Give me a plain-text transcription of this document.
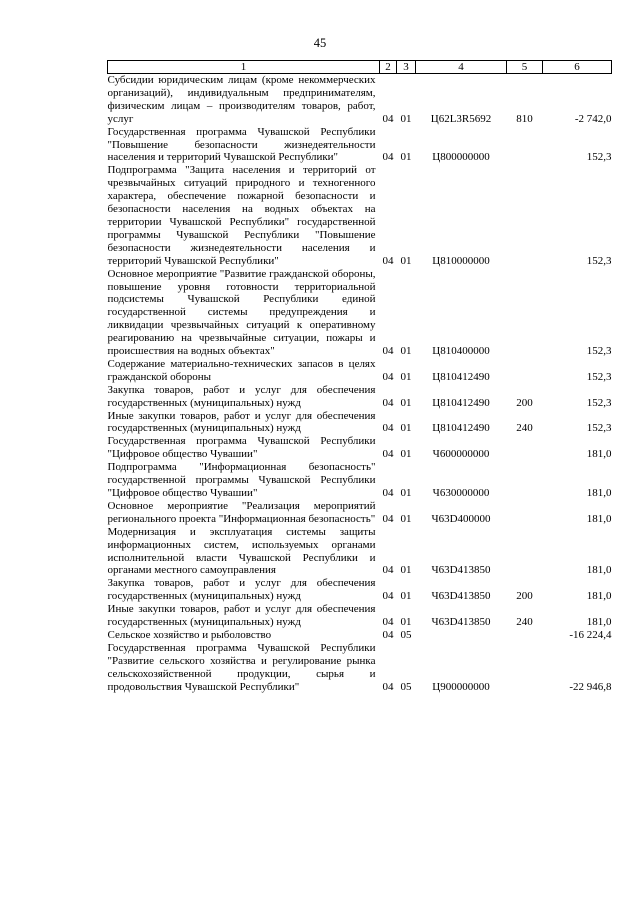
45
1	2	3	4	5	6
Субсидии юридическим лицам (кроме некоммерческих организаций), индивидуальным предпринимателям, физическим лицам – производителям товаров, работ, услуг	04	01	Ц62L3R5692	810	-2 742,0
Государственная программа Чувашской Республики "Повышение безопасности жизнедеятельности населения и территорий Чувашской Республики"	04	01	Ц800000000		152,3
Подпрограмма "Защита населения и территорий от чрезвычайных ситуаций природного и техногенного характера, обеспечение пожарной безопасности и безопасности населения на водных объектах на территории Чувашской Республики" государственной программы Чувашской Республики "Повышение безопасности жизнедеятельности населения и территорий Чувашской Республики"	04	01	Ц810000000		152,3
Основное мероприятие "Развитие гражданской обороны, повышение уровня готовности территориальной подсистемы Чувашской Республики единой государственной системы предупреждения и ликвидации чрезвычайных ситуаций к оперативному реагированию на чрезвычайные ситуации, пожары и происшествия на водных объектах"	04	01	Ц810400000		152,3
Содержание материально-технических запасов в целях гражданской обороны	04	01	Ц810412490		152,3
Закупка товаров, работ и услуг для обеспечения государственных (муниципальных) нужд	04	01	Ц810412490	200	152,3
Иные закупки товаров, работ и услуг для обеспечения государственных (муниципальных) нужд	04	01	Ц810412490	240	152,3
Государственная программа Чувашской Республики "Цифровое общество Чувашии"	04	01	Ч600000000		181,0
Подпрограмма "Информационная безопасность" государственной программы Чувашской Республики "Цифровое общество Чувашии"	04	01	Ч630000000		181,0
Основное мероприятие "Реализация мероприятий регионального проекта "Информационная безопасность"	04	01	Ч63D400000		181,0
Модернизация и эксплуатация системы защиты информационных систем, используемых органами исполнительной власти Чувашской Республики и органами местного самоуправления	04	01	Ч63D413850		181,0
Закупка товаров, работ и услуг для обеспечения государственных (муниципальных) нужд	04	01	Ч63D413850	200	181,0
Иные закупки товаров, работ и услуг для обеспечения государственных (муниципальных) нужд	04	01	Ч63D413850	240	181,0
Сельское хозяйство и рыболовство	04	05			-16 224,4
Государственная программа Чувашской Республики "Развитие сельского хозяйства и регулирование рынка сельскохозяйственной продукции, сырья и продовольствия Чувашской Республики"	04	05	Ц900000000		-22 946,8
